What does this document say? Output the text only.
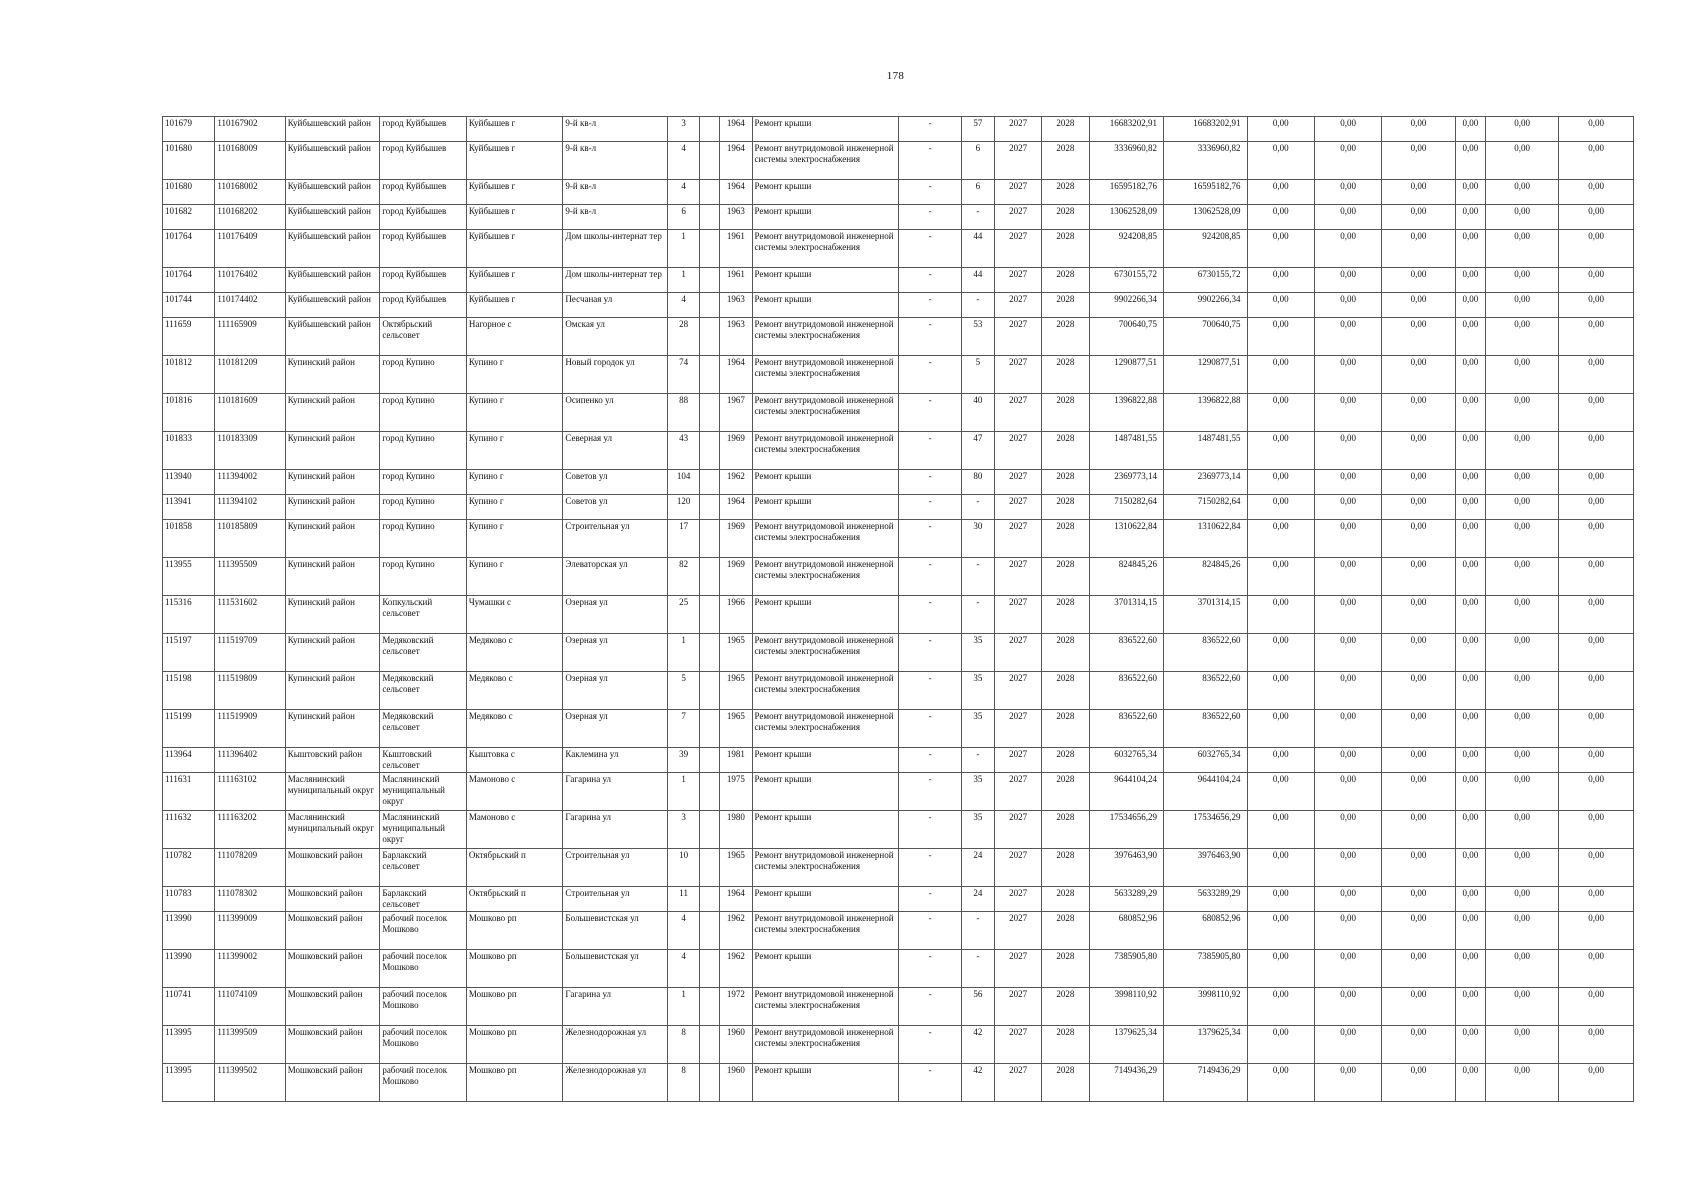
178
101679	110167902	Куйбышевский район	город Куйбышев	Куйбышев г	9-й кв-л	3		1964	Ремонт крыши	-	57	2027	2028	16683202,91	16683202,91	0,00	0,00	0,00	0,00	0,00	0,00
101680	110168009	Куйбышевский район	город Куйбышев	Куйбышев г	9-й кв-л	4		1964	Ремонт внутридомовой инженерной системы электроснабжения	-	6	2027	2028	3336960,82	3336960,82	0,00	0,00	0,00	0,00	0,00	0,00
101680	110168002	Куйбышевский район	город Куйбышев	Куйбышев г	9-й кв-л	4		1964	Ремонт крыши	-	6	2027	2028	16595182,76	16595182,76	0,00	0,00	0,00	0,00	0,00	0,00
101682	110168202	Куйбышевский район	город Куйбышев	Куйбышев г	9-й кв-л	6		1963	Ремонт крыши	-	-	2027	2028	13062528,09	13062528,09	0,00	0,00	0,00	0,00	0,00	0,00
101764	110176409	Куйбышевский район	город Куйбышев	Куйбышев г	Дом школы-интернат тер	1		1961	Ремонт внутридомовой инженерной системы электроснабжения	-	44	2027	2028	924208,85	924208,85	0,00	0,00	0,00	0,00	0,00	0,00
101764	110176402	Куйбышевский район	город Куйбышев	Куйбышев г	Дом школы-интернат тер	1		1961	Ремонт крыши	-	44	2027	2028	6730155,72	6730155,72	0,00	0,00	0,00	0,00	0,00	0,00
101744	110174402	Куйбышевский район	город Куйбышев	Куйбышев г	Песчаная ул	4		1963	Ремонт крыши	-	-	2027	2028	9902266,34	9902266,34	0,00	0,00	0,00	0,00	0,00	0,00
111659	111165909	Куйбышевский район	Октябрьский сельсовет	Нагорное с	Омская ул	28		1963	Ремонт внутридомовой инженерной системы электроснабжения	-	53	2027	2028	700640,75	700640,75	0,00	0,00	0,00	0,00	0,00	0,00
101812	110181209	Купинский район	город Купино	Купино г	Новый городок ул	74		1964	Ремонт внутридомовой инженерной системы электроснабжения	-	5	2027	2028	1290877,51	1290877,51	0,00	0,00	0,00	0,00	0,00	0,00
101816	110181609	Купинский район	город Купино	Купино г	Осипенко ул	88		1967	Ремонт внутридомовой инженерной системы электроснабжения	-	40	2027	2028	1396822,88	1396822,88	0,00	0,00	0,00	0,00	0,00	0,00
101833	110183309	Купинский район	город Купино	Купино г	Северная ул	43		1969	Ремонт внутридомовой инженерной системы электроснабжения	-	47	2027	2028	1487481,55	1487481,55	0,00	0,00	0,00	0,00	0,00	0,00
113940	111394002	Купинский район	город Купино	Купино г	Советов ул	104		1962	Ремонт крыши	-	80	2027	2028	2369773,14	2369773,14	0,00	0,00	0,00	0,00	0,00	0,00
113941	111394102	Купинский район	город Купино	Купино г	Советов ул	120		1964	Ремонт крыши	-	-	2027	2028	7150282,64	7150282,64	0,00	0,00	0,00	0,00	0,00	0,00
101858	110185809	Купинский район	город Купино	Купино г	Строительная ул	17		1969	Ремонт внутридомовой инженерной системы электроснабжения	-	30	2027	2028	1310622,84	1310622,84	0,00	0,00	0,00	0,00	0,00	0,00
113955	111395509	Купинский район	город Купино	Купино г	Элеваторская ул	82		1969	Ремонт внутридомовой инженерной системы электроснабжения	-	-	2027	2028	824845,26	824845,26	0,00	0,00	0,00	0,00	0,00	0,00
115316	111531602	Купинский район	Копкульский сельсовет	Чумашки с	Озерная ул	25		1966	Ремонт крыши	-	-	2027	2028	3701314,15	3701314,15	0,00	0,00	0,00	0,00	0,00	0,00
115197	111519709	Купинский район	Медяковский сельсовет	Медяково с	Озерная ул	1		1965	Ремонт внутридомовой инженерной системы электроснабжения	-	35	2027	2028	836522,60	836522,60	0,00	0,00	0,00	0,00	0,00	0,00
115198	111519809	Купинский район	Медяковский сельсовет	Медяково с	Озерная ул	5		1965	Ремонт внутридомовой инженерной системы электроснабжения	-	35	2027	2028	836522,60	836522,60	0,00	0,00	0,00	0,00	0,00	0,00
115199	111519909	Купинский район	Медяковский сельсовет	Медяково с	Озерная ул	7		1965	Ремонт внутридомовой инженерной системы электроснабжения	-	35	2027	2028	836522,60	836522,60	0,00	0,00	0,00	0,00	0,00	0,00
113964	111396402	Кыштовский район	Кыштовский сельсовет	Кыштовка с	Каклемина ул	39		1981	Ремонт крыши	-	-	2027	2028	6032765,34	6032765,34	0,00	0,00	0,00	0,00	0,00	0,00
111631	111163102	Маслянинский муниципальный округ	Маслянинский муниципальный округ	Мамоново с	Гагарина ул	1		1975	Ремонт крыши	-	35	2027	2028	9644104,24	9644104,24	0,00	0,00	0,00	0,00	0,00	0,00
111632	111163202	Маслянинский муниципальный округ	Маслянинский муниципальный округ	Мамоново с	Гагарина ул	3		1980	Ремонт крыши	-	35	2027	2028	17534656,29	17534656,29	0,00	0,00	0,00	0,00	0,00	0,00
110782	111078209	Мошковский район	Барлакский сельсовет	Октябрьский п	Строительная ул	10		1965	Ремонт внутридомовой инженерной системы электроснабжения	-	24	2027	2028	3976463,90	3976463,90	0,00	0,00	0,00	0,00	0,00	0,00
110783	111078302	Мошковский район	Барлакский сельсовет	Октябрьский п	Строительная ул	11		1964	Ремонт крыши	-	24	2027	2028	5633289,29	5633289,29	0,00	0,00	0,00	0,00	0,00	0,00
113990	111399009	Мошковский район	рабочий поселок Мошково	Мошково рп	Большевистская ул	4		1962	Ремонт внутридомовой инженерной системы электроснабжения	-	-	2027	2028	680852,96	680852,96	0,00	0,00	0,00	0,00	0,00	0,00
113990	111399002	Мошковский район	рабочий поселок Мошково	Мошково рп	Большевистская ул	4		1962	Ремонт крыши	-	-	2027	2028	7385905,80	7385905,80	0,00	0,00	0,00	0,00	0,00	0,00
110741	111074109	Мошковский район	рабочий поселок Мошково	Мошково рп	Гагарина ул	1		1972	Ремонт внутридомовой инженерной системы электроснабжения	-	56	2027	2028	3998110,92	3998110,92	0,00	0,00	0,00	0,00	0,00	0,00
113995	111399509	Мошковский район	рабочий поселок Мошково	Мошково рп	Железнодорожная ул	8		1960	Ремонт внутридомовой инженерной системы электроснабжения	-	42	2027	2028	1379625,34	1379625,34	0,00	0,00	0,00	0,00	0,00	0,00
113995	111399502	Мошковский район	рабочий поселок Мошково	Мошково рп	Железнодорожная ул	8		1960	Ремонт крыши	-	42	2027	2028	7149436,29	7149436,29	0,00	0,00	0,00	0,00	0,00	0,00
